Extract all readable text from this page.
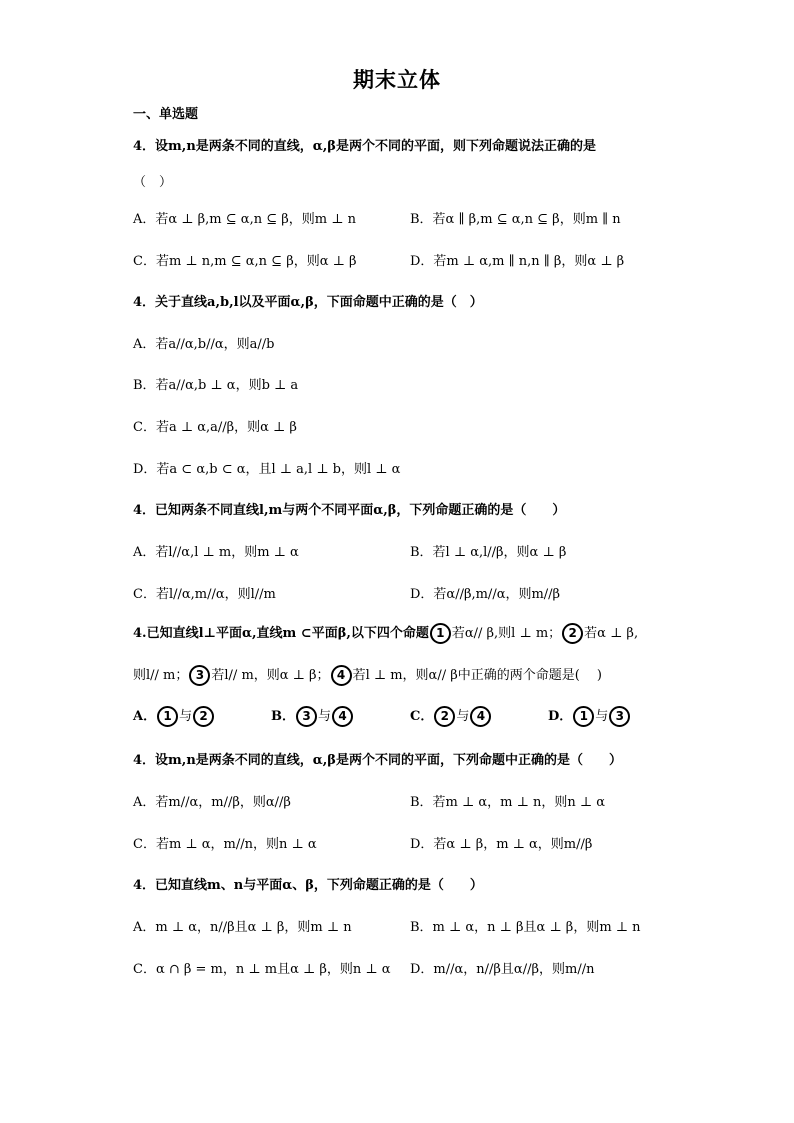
期末立体
一、单选题
4．设m,n是两条不同的直线，α,β是两个不同的平面，则下列命题说法正确的是
（　）
A．若α ⊥ β,m ⊆ α,n ⊆ β，则m ⊥ n	B．若α ∥ β,m ⊆ α,n ⊆ β，则m ∥ n
C．若m ⊥ n,m ⊆ α,n ⊆ β，则α ⊥ β	D．若m ⊥ α,m ∥ n,n ∥ β，则α ⊥ β
4．关于直线a,b,l以及平面α,β，下面命题中正确的是（　）
A．若a//α,b//α，则a//b
B．若a//α,b ⊥ α，则b ⊥ a
C．若a ⊥ α,a//β，则α ⊥ β
D．若a ⊂ α,b ⊂ α，且l ⊥ a,l ⊥ b，则l ⊥ α
4．已知两条不同直线l,m与两个不同平面α,β，下列命题正确的是（　　）
A．若l//α,l ⊥ m，则m ⊥ α	B．若l ⊥ α,l//β，则α ⊥ β
C．若l//α,m//α，则l//m	D．若α//β,m//α，则m//β
4.已知直线l⊥平面α,直线m ⊂平面β,以下四个命题 1 若α// β,则l ⊥ m； 2 若α ⊥ β,
则l// m； 3 若l// m，则α ⊥ β； 4 若l ⊥ m，则α// β中正确的两个命题是(　 )
A． 1 与 2	B． 3 与 4	C． 2 与 4	D． 1 与 3
4．设m,n是两条不同的直线，α,β是两个不同的平面，下列命题中正确的是（　　）
A．若m//α，m//β，则α//β	B．若m ⊥ α，m ⊥ n，则n ⊥ α
C．若m ⊥ α，m//n，则n ⊥ α	D．若α ⊥ β，m ⊥ α，则m//β
4．已知直线m、n与平面α、β，下列命题正确的是（　　）
A．m ⊥ α，n//β且α ⊥ β，则m ⊥ n	B．m ⊥ α，n ⊥ β且α ⊥ β，则m ⊥ n
C．α ∩ β = m，n ⊥ m且α ⊥ β，则n ⊥ α D．m//α，n//β且α//β，则m//n
